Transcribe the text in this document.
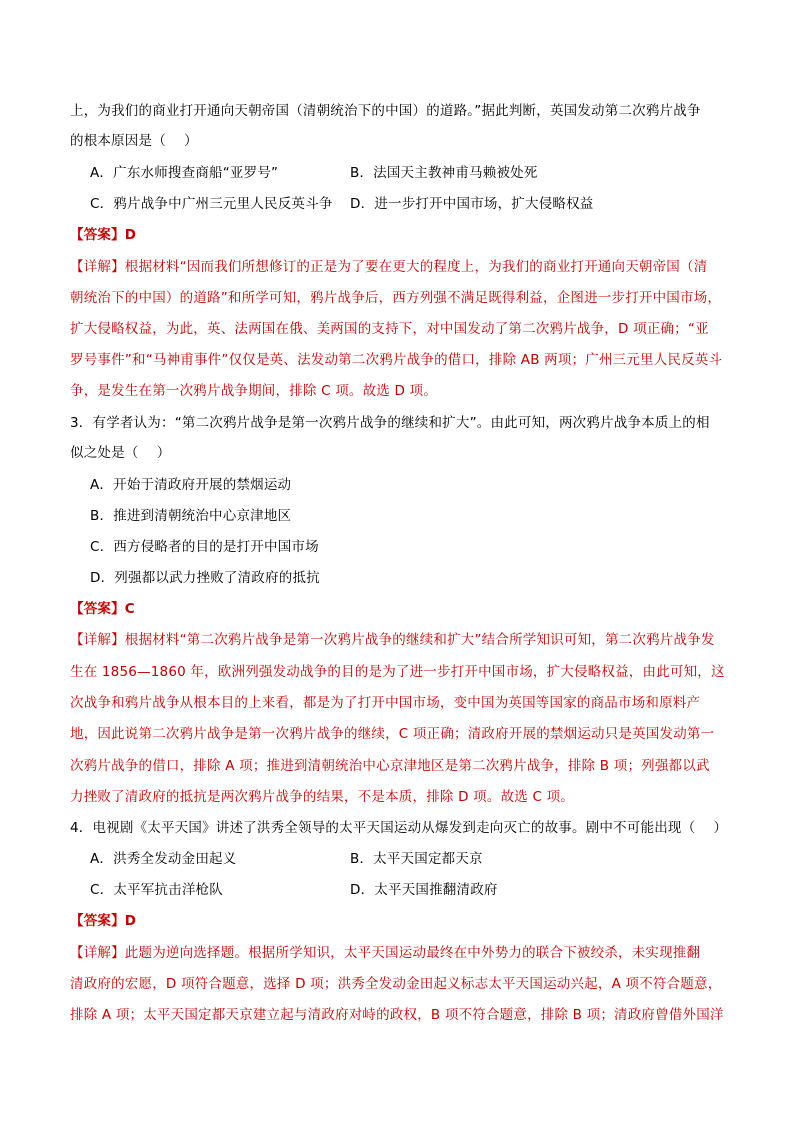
上，为我们的商业打开通向天朝帝国（清朝统治下的中国）的道路。”据此判断，英国发动第二次鸦片战争
的根本原因是（　 ）
A．广东水师搜查商船“亚罗号”	B．法国天主教神甫马赖被处死
C．鸦片战争中广州三元里人民反英斗争 D．进一步打开中国市场，扩大侵略权益
【答案】D
【详解】根据材料“因而我们所想修订的正是为了要在更大的程度上，为我们的商业打开通向天朝帝国（清
朝统治下的中国）的道路”和所学可知，鸦片战争后，西方列强不满足既得利益，企图进一步打开中国市场，
扩大侵略权益，为此，英、法两国在俄、美两国的支持下，对中国发动了第二次鸦片战争，D 项正确；“亚
罗号事件”和“马神甫事件”仅仅是英、法发动第二次鸦片战争的借口，排除 AB 两项；广州三元里人民反英斗
争，是发生在第一次鸦片战争期间，排除 C 项。故选 D 项。
3．有学者认为：“第二次鸦片战争是第一次鸦片战争的继续和扩大”。由此可知，两次鸦片战争本质上的相
似之处是（　 ）
A．开始于清政府开展的禁烟运动
B．推进到清朝统治中心京津地区
C．西方侵略者的目的是打开中国市场
D．列强都以武力挫败了清政府的抵抗
【答案】C
【详解】根据材料“第二次鸦片战争是第一次鸦片战争的继续和扩大”结合所学知识可知，第二次鸦片战争发
生在 1856—1860 年，欧洲列强发动战争的目的是为了进一步打开中国市场，扩大侵略权益，由此可知，这
次战争和鸦片战争从根本目的上来看，都是为了打开中国市场，变中国为英国等国家的商品市场和原料产
地，因此说第二次鸦片战争是第一次鸦片战争的继续，C 项正确；清政府开展的禁烟运动只是英国发动第一
次鸦片战争的借口，排除 A 项；推进到清朝统治中心京津地区是第二次鸦片战争，排除 B 项；列强都以武
力挫败了清政府的抵抗是两次鸦片战争的结果，不是本质，排除 D 项。故选 C 项。
4．电视剧《太平天国》讲述了洪秀全领导的太平天国运动从爆发到走向灭亡的故事。剧中不可能出现（　 ）
A．洪秀全发动金田起义	B．太平天国定都天京
C．太平军抗击洋枪队	D．太平天国推翻清政府
【答案】D
【详解】此题为逆向选择题。根据所学知识，太平天国运动最终在中外势力的联合下被绞杀，未实现推翻
清政府的宏愿，D 项符合题意，选择 D 项；洪秀全发动金田起义标志太平天国运动兴起，A 项不符合题意，
排除 A 项；太平天国定都天京建立起与清政府对峙的政权，B 项不符合题意，排除 B 项；清政府曾借外国洋
